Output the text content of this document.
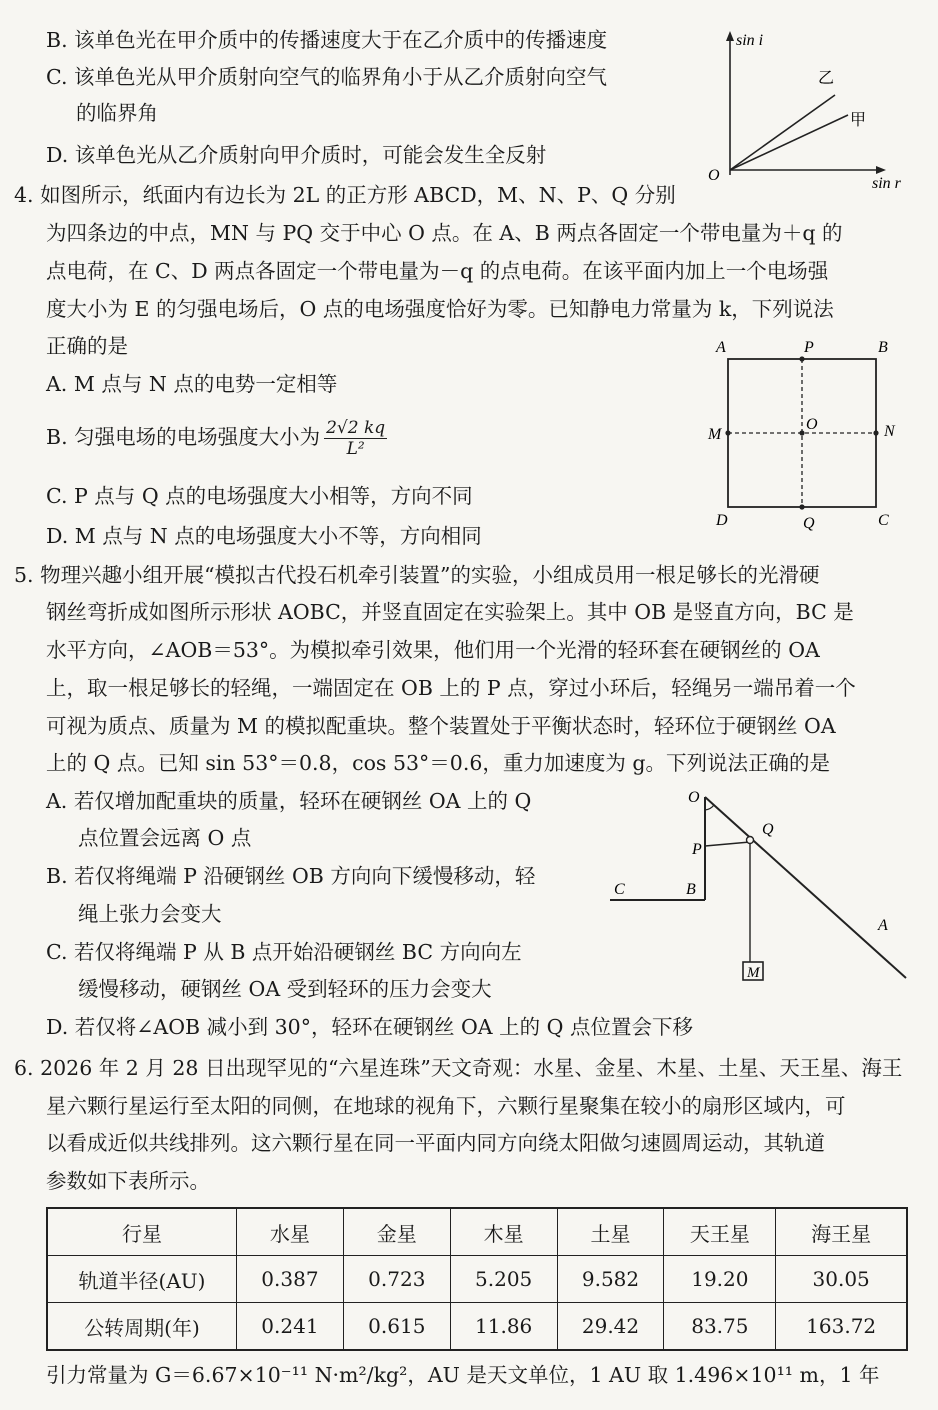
B. 该单色光在甲介质中的传播速度大于在乙介质中的传播速度
C. 该单色光从甲介质射向空气的临界角小于从乙介质射向空气
的临界角
D. 该单色光从乙介质射向甲介质时，可能会发生全反射
sin i
sin r
O
乙
甲
4. 如图所示，纸面内有边长为 2L 的正方形 ABCD，M、N、P、Q 分别
为四条边的中点，MN 与 PQ 交于中心 O 点。在 A、B 两点各固定一个带电量为＋q 的
点电荷，在 C、D 两点各固定一个带电量为－q 的点电荷。在该平面内加上一个电场强
度大小为 E 的匀强电场后，O 点的电场强度恰好为零。已知静电力常量为 k，下列说法
正确的是
A. M 点与 N 点的电势一定相等
B. 匀强电场的电场强度大小为 $\frac{2√2 kq}{\text{L²}}$
C. P 点与 Q 点的电场强度大小相等，方向不同
D. M 点与 N 点的电场强度大小不等，方向相同
A	P	B
M
O	N
D	Q	C
5. 物理兴趣小组开展“模拟古代投石机牵引装置”的实验，小组成员用一根足够长的光滑硬
钢丝弯折成如图所示形状 AOBC，并竖直固定在实验架上。其中 OB 是竖直方向，BC 是
水平方向，∠AOB＝53°。为模拟牵引效果，他们用一个光滑的轻环套在硬钢丝的 OA
上，取一根足够长的轻绳，一端固定在 OB 上的 P 点，穿过小环后，轻绳另一端吊着一个
可视为质点、质量为 M 的模拟配重块。整个装置处于平衡状态时，轻环位于硬钢丝 OA
上的 Q 点。已知 sin 53°＝0.8，cos 53°＝0.6，重力加速度为 g。下列说法正确的是
A. 若仅增加配重块的质量，轻环在硬钢丝 OA 上的 Q
点位置会远离 O 点
B. 若仅将绳端 P 沿硬钢丝 OB 方向向下缓慢移动，轻
绳上张力会变大
C. 若仅将绳端 P 从 B 点开始沿硬钢丝 BC 方向向左
缓慢移动，硬钢丝 OA 受到轻环的压力会变大
D. 若仅将∠AOB 减小到 30°，轻环在硬钢丝 OA 上的 Q 点位置会下移
O
Q
P
B
C
A
M
6. 2026 年 2 月 28 日出现罕见的“六星连珠”天文奇观：水星、金星、木星、土星、天王星、海王
星六颗行星运行至太阳的同侧，在地球的视角下，六颗行星聚集在较小的扇形区域内，可
以看成近似共线排列。这六颗行星在同一平面内同方向绕太阳做匀速圆周运动，其轨道
参数如下表所示。
行星	水星	金星	木星	土星	天王星	海王星
轨道半径(AU)	0.387	0.723	5.205	9.582	19.20	30.05
公转周期(年)	0.241	0.615	11.86	29.42	83.75	163.72
引力常量为 G＝6.67×10⁻¹¹ N·m²/kg²，AU 是天文单位，1 AU 取 1.496×10¹¹ m，1 年
